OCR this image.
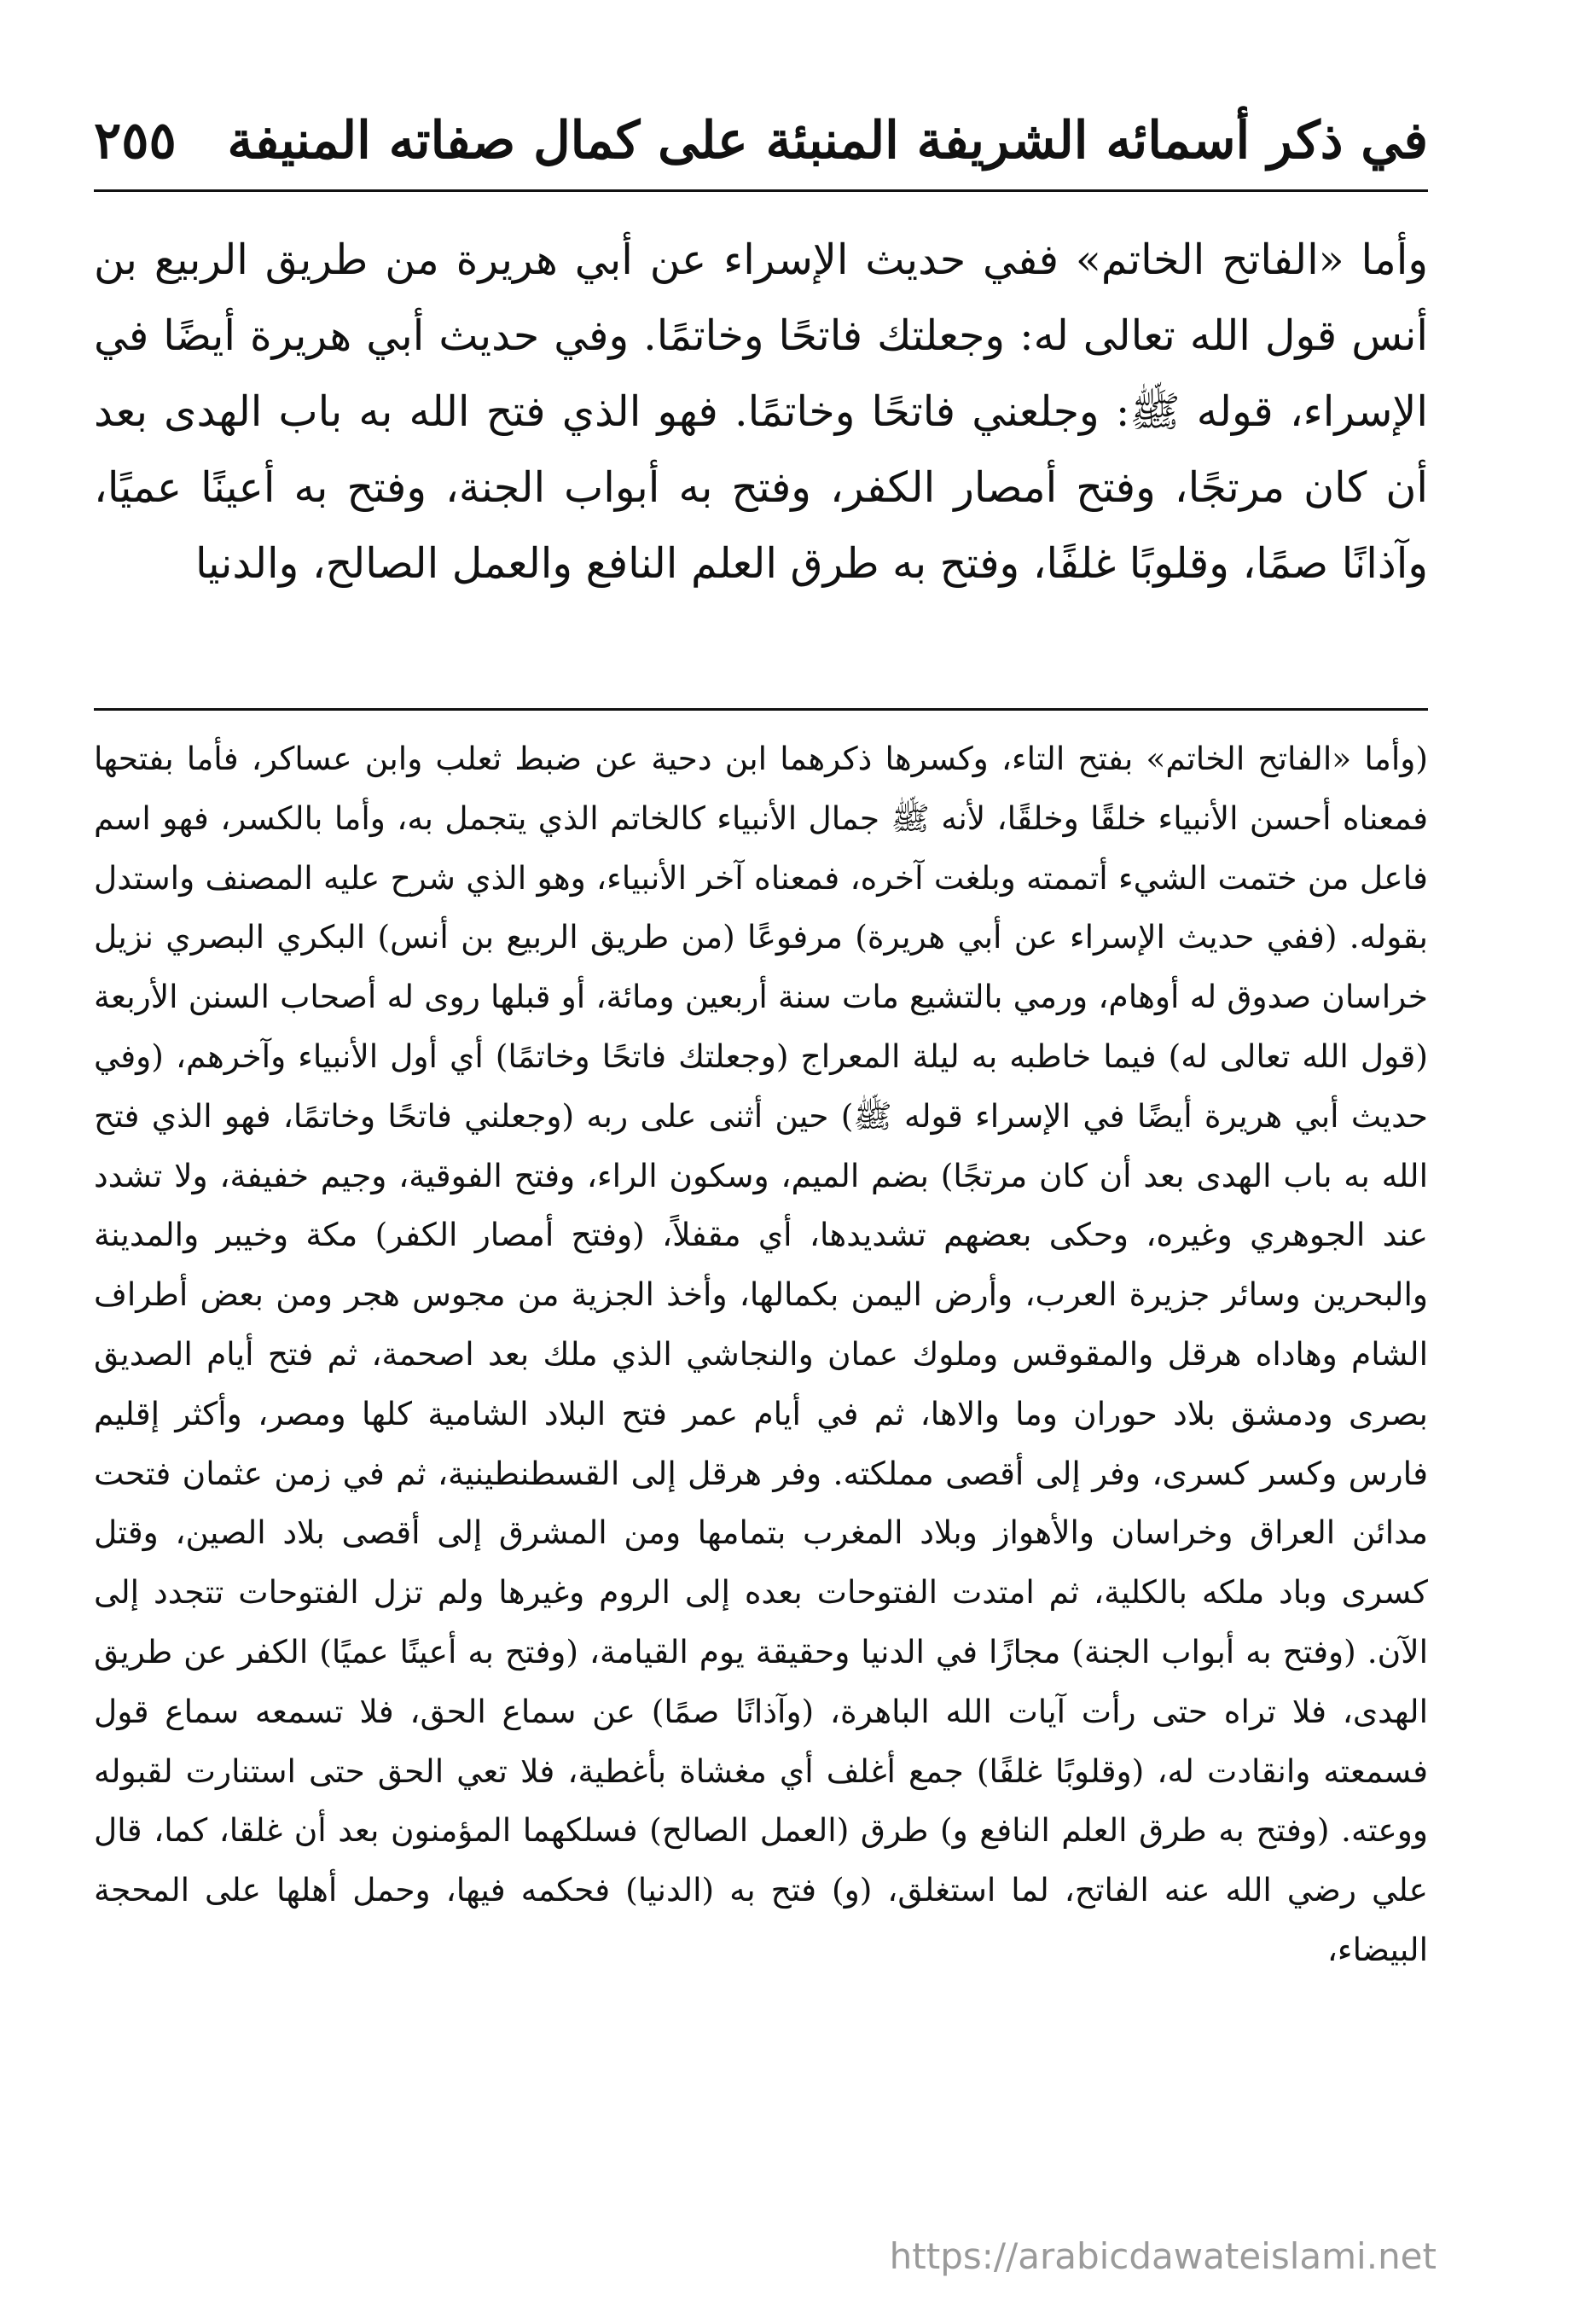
٢٥٥ في ذكر أسمائه الشريفة المنبئة على كمال صفاته المنيفة

وأما «الفاتح الخاتم» ففي حديث الإسراء عن أبي هريرة من طريق الربيع بن أنس قول الله تعالى له: وجعلتك فاتحًا وخاتمًا. وفي حديث أبي هريرة أيضًا في الإسراء، قوله ﷺ: وجلعني فاتحًا وخاتمًا. فهو الذي فتح الله به باب الهدى بعد أن كان مرتجًا، وفتح أمصار الكفر، وفتح به أبواب الجنة، وفتح به أعينًا عميًا، وآذانًا صمًا، وقلوبًا غلفًا، وفتح به طرق العلم النافع والعمل الصالح، والدنيا

(وأما «الفاتح الخاتم» بفتح التاء، وكسرها ذكرهما ابن دحية عن ضبط ثعلب وابن عساكر، فأما بفتحها فمعناه أحسن الأنبياء خلقًا وخلقًا، لأنه ﷺ جمال الأنبياء كالخاتم الذي يتجمل به، وأما بالكسر، فهو اسم فاعل من ختمت الشيء أتممته وبلغت آخره، فمعناه آخر الأنبياء، وهو الذي شرح عليه المصنف واستدل بقوله. (ففي حديث الإسراء عن أبي هريرة) مرفوعًا (من طريق الربيع بن أنس) البكري البصري نزيل خراسان صدوق له أوهام، ورمي بالتشيع مات سنة أربعين ومائة، أو قبلها روى له أصحاب السنن الأربعة (قول الله تعالى له) فيما خاطبه به ليلة المعراج (وجعلتك فاتحًا وخاتمًا) أي أول الأنبياء وآخرهم، (وفي حديث أبي هريرة أيضًا في الإسراء قوله ﷺ) حين أثنى على ربه (وجعلني فاتحًا وخاتمًا، فهو الذي فتح الله به باب الهدى بعد أن كان مرتجًا) بضم الميم، وسكون الراء، وفتح الفوقية، وجيم خفيفة، ولا تشدد عند الجوهري وغيره، وحكى بعضهم تشديدها، أي مقفلاً، (وفتح أمصار الكفر) مكة وخيبر والمدينة والبحرين وسائر جزيرة العرب، وأرض اليمن بكمالها، وأخذ الجزية من مجوس هجر ومن بعض أطراف الشام وهاداه هرقل والمقوقس وملوك عمان والنجاشي الذي ملك بعد اصحمة، ثم فتح أيام الصديق بصرى ودمشق بلاد حوران وما والاها، ثم في أيام عمر فتح البلاد الشامية كلها ومصر، وأكثر إقليم فارس وكسر كسرى، وفر إلى أقصى مملكته. وفر هرقل إلى القسطنطينية، ثم في زمن عثمان فتحت مدائن العراق وخراسان والأهواز وبلاد المغرب بتمامها ومن المشرق إلى أقصى بلاد الصين، وقتل كسرى وباد ملكه بالكلية، ثم امتدت الفتوحات بعده إلى الروم وغيرها ولم تزل الفتوحات تتجدد إلى الآن. (وفتح به أبواب الجنة) مجازًا في الدنيا وحقيقة يوم القيامة، (وفتح به أعينًا عميًا) الكفر عن طريق الهدى، فلا تراه حتى رأت آيات الله الباهرة، (وآذانًا صمًا) عن سماع الحق، فلا تسمعه سماع قول فسمعته وانقادت له، (وقلوبًا غلفًا) جمع أغلف أي مغشاة بأغطية، فلا تعي الحق حتى استنارت لقبوله ووعته. (وفتح به طرق العلم النافع و) طرق (العمل الصالح) فسلكهما المؤمنون بعد أن غلقا، كما، قال علي رضي الله عنه الفاتح، لما استغلق، (و) فتح به (الدنيا) فحكمه فيها، وحمل أهلها على المحجة البيضاء،

https://arabicdawateislami.net
